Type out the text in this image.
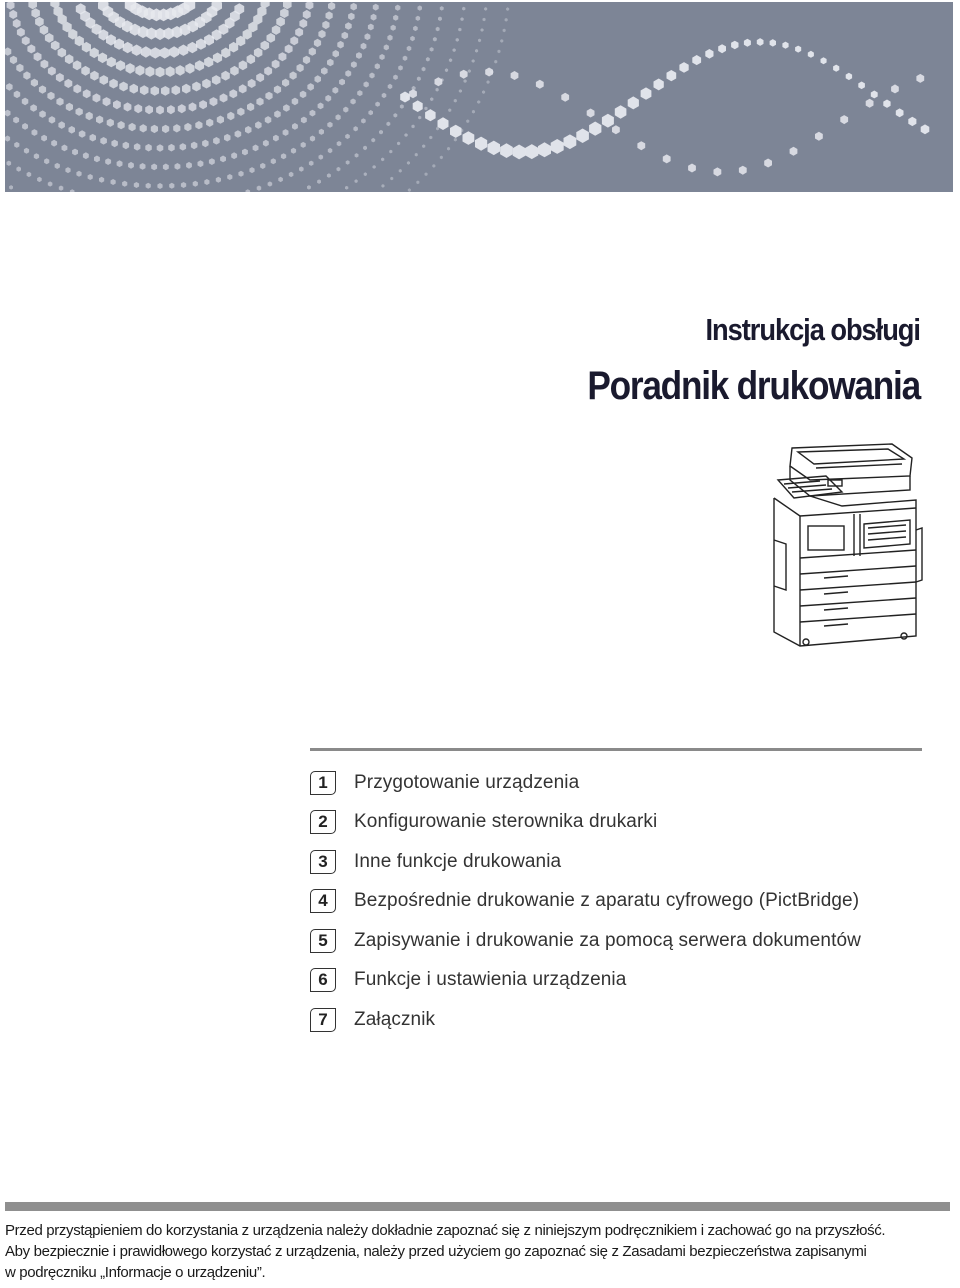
Instrukcja obsługi
Poradnik drukowania
1	Przygotowanie urządzenia
2	Konfigurowanie sterownika drukarki
3	Inne funkcje drukowania
4	Bezpośrednie drukowanie z aparatu cyfrowego (PictBridge)
5	Zapisywanie i drukowanie za pomocą serwera dokumentów
6	Funkcje i ustawienia urządzenia
7	Załącznik

Przed przystąpieniem do korzystania z urządzenia należy dokładnie zapoznać się z niniejszym podręcznikiem i zachować go na przyszłość.

Aby bezpiecznie i prawidłowego korzystać z urządzenia, należy przed użyciem go zapoznać się z Zasadami bezpieczeństwa zapisanymi

w podręczniku „Informacje o urządzeniu”.
